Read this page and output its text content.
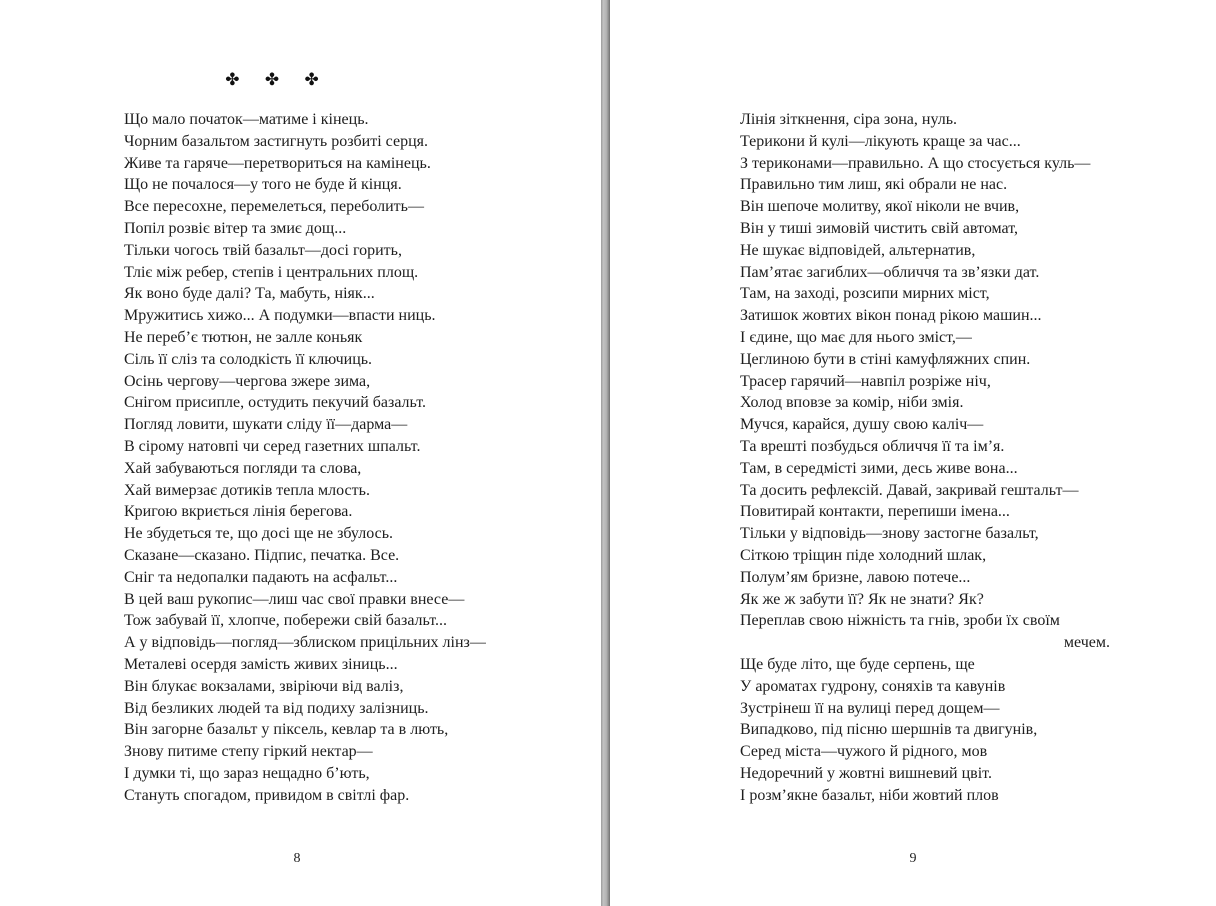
✤ ✤ ✤
Що мало початок—матиме і кінець.
Чорним базальтом застигнуть розбиті серця.
Живе та гаряче—перетвориться на камінець.
Що не почалося—у того не буде й кінця.
Все пересохне, перемелеться, переболить—
Попіл розвіє вітер та змиє дощ...
Тільки чогось твій базальт—досі горить,
Тліє між ребер, степів і центральних площ.
Як воно буде далі? Та, мабуть, ніяк...
Мружитись хижо... А подумки—впасти ниць.
Не переб’є тютюн, не залле коньяк
Сіль її сліз та солодкість її ключиць.
Осінь чергову—чергова зжере зима,
Снігом присипле, остудить пекучий базальт.
Погляд ловити, шукати сліду її—дарма—
В сірому натовпі чи серед газетних шпальт.
Хай забуваються погляди та слова,
Хай вимерзає дотиків тепла млость.
Кригою вкриється лінія берегова.
Не збудеться те, що досі ще не збулось.
Сказане—сказано. Підпис, печатка. Все.
Сніг та недопалки падають на асфальт...
В цей ваш рукопис—лиш час свої правки внесе—
Тож забувай її, хлопче, побережи свій базальт...
А у відповідь—погляд—зблиском прицільних лінз—
Металеві осердя замість живих зіниць...
Він блукає вокзалами, звіріючи від валіз,
Від безликих людей та від подиху залізниць.
Він загорне базальт у піксель, кевлар та в лють,
Знову питиме степу гіркий нектар—
І думки ті, що зараз нещадно б’ють,
Стануть спогадом, привидом в світлі фар.
8
Лінія зіткнення, сіра зона, нуль.
Терикони й кулі—лікують краще за час...
З териконами—правильно. А що стосується куль—
Правильно тим лиш, які обрали не нас.
Він шепоче молитву, якої ніколи не вчив,
Він у тиші зимовій чистить свій автомат,
Не шукає відповідей, альтернатив,
Пам’ятає загиблих—обличчя та зв’язки дат.
Там, на заході, розсипи мирних міст,
Затишок жовтих вікон понад рікою машин...
І єдине, що має для нього зміст,—
Цеглиною бути в стіні камуфляжних спин.
Трасер гарячий—навпіл розріже ніч,
Холод вповзе за комір, ніби змія.
Мучся, карайся, душу свою каліч—
Та врешті позбудься обличчя її та ім’я.
Там, в середмісті зими, десь живе вона...
Та досить рефлексій. Давай, закривай гештальт—
Повитирай контакти, перепиши імена...
Тільки у відповідь—знову застогне базальт,
Сіткою тріщин піде холодний шлак,
Полум’ям бризне, лавою потече...
Як же ж забути її? Як не знати? Як?
Переплав свою ніжність та гнів, зроби їх своїм
мечем.
Ще буде літо, ще буде серпень, ще
У ароматах гудрону, соняхів та кавунів
Зустрінеш її на вулиці перед дощем—
Випадково, під пісню шершнів та двигунів,
Серед міста—чужого й рідного, мов
Недоречний у жовтні вишневий цвіт.
І розм’якне базальт, ніби жовтий плов
9
